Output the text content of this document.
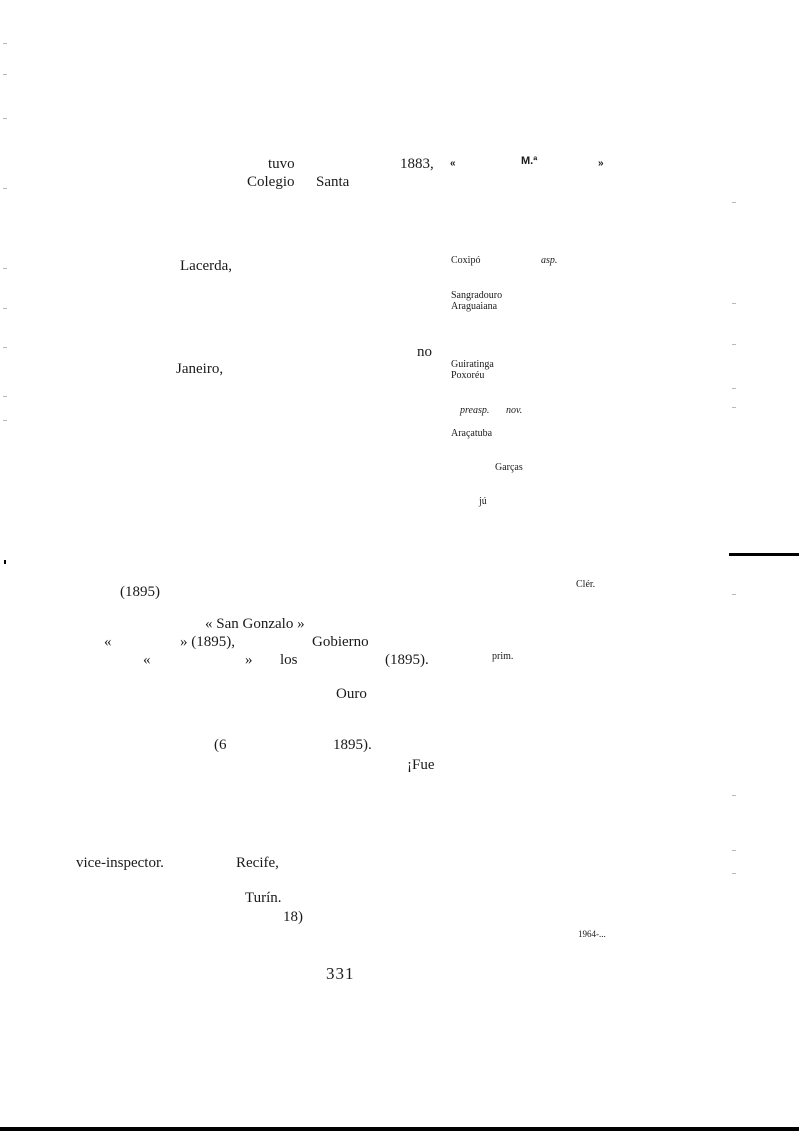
tuvo	1883,
Colegio Santa
Lacerda,
no
Janeiro,
(1895)
« San Gonzalo »
«	» (1895),	Gobierno
«	» los	(1895).
Ouro
(6	1895).
¡Fue
vice-inspector.	Recife,
Turín.
18)
«	M.ª	»
Coxipó	asp.
Sangradouro
Araguaiana
Guiratinga
Poxoréu
preasp. nov.
Araçatuba
Garças
jú
Clér.
prim.
1964-...
331
